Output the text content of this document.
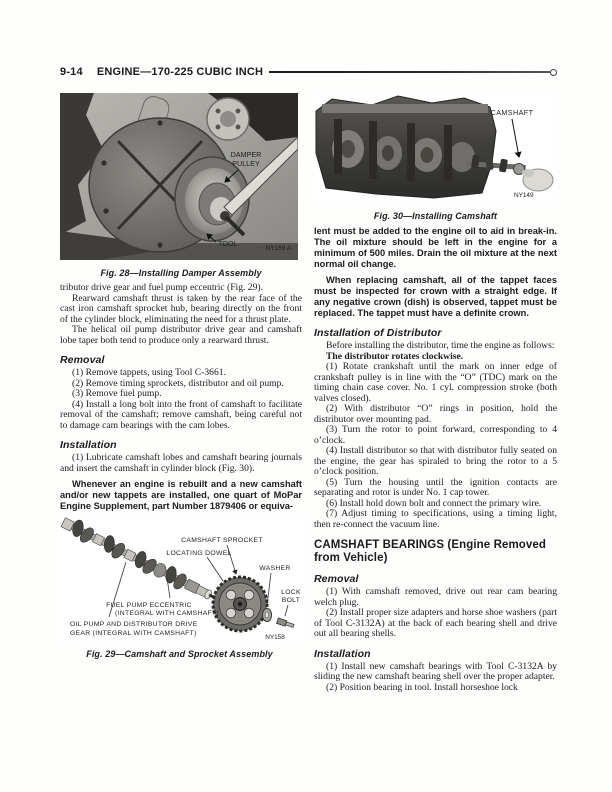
9-14 ENGINE—170-225 CUBIC INCH
DAMPER
PULLEY
TOOL
NY159 A
Fig. 28—Installing Damper Assembly

tributor drive gear and fuel pump eccentric (Fig. 29).

Rearward camshaft thrust is taken by the rear face of the cast iron camshaft sprocket hub, bearing directly on the front of the cylinder block, eliminating the need for a thrust plate.

The helical oil pump distributor drive gear and camshaft lobe taper both tend to produce only a rearward thrust.

Removal

(1) Remove tappets, using Tool C-3661.

(2) Remove timing sprockets, distributor and oil pump.

(3) Remove fuel pump.

(4) Install a long bolt into the front of camshaft to facilitate removal of the camshaft; remove camshaft, being careful not to damage cam bearings with the cam lobes.

Installation

(1) Lubricate camshaft lobes and camshaft bearing journals and insert the camshaft in cylinder block (Fig. 30).

Whenever an engine is rebuilt and a new camshaft and/or new tappets are installed, one quart of MoPar Engine Supplement, part Number 1879406 or equiva-

CAMSHAFT SPROCKET
LOCATING DOWEL
WASHER
LOCK
BOLT
FUEL PUMP ECCENTRIC
(INTEGRAL WITH CAMSHAFT)
OIL PUMP AND DISTRIBUTOR DRIVE
GEAR (INTEGRAL WITH CAMSHAFT)
NY158
Fig. 29—Camshaft and Sprocket Assembly
CAMSHAFT
NY149
Fig. 30—Installing Camshaft

lent must be added to the engine oil to aid in break-in. The oil mixture should be left in the engine for a minimum of 500 miles. Drain the oil mixture at the next normal oil change.

When replacing camshaft, all of the tappet faces must be inspected for crown with a straight edge. If any negative crown (dish) is observed, tappet must be replaced. The tappet must have a definite crown.

Installation of Distributor

Before installing the distributor, time the engine as follows:

The distributor rotates clockwise.

(1) Rotate crankshaft until the mark on inner edge of crankshaft pulley is in line with the “O” (TDC) mark on the timing chain case cover. No. 1 cyl. compression stroke (both valves closed).

(2) With distributor “O” rings in position, hold the distributor over mounting pad.

(3) Turn the rotor to point forward, corresponding to 4 o’clock.

(4) Install distributor so that with distributor fully seated on the engine, the gear has spiraled to bring the rotor to a 5 o’clock position.

(5) Turn the housing until the ignition contacts are separating and rotor is under No. 1 cap tower.

(6) Install hold down bolt and connect the primary wire.

(7) Adjust timing to specifications, using a timing light, then re-connect the vacuum line.

CAMSHAFT BEARINGS (Engine Removed from Vehicle)
Removal

(1) With camshaft removed, drive out rear cam bearing welch plug.

(2) Install proper size adapters and horse shoe washers (part of Tool C-3132A) at the back of each bearing shell and drive out all bearing shells.

Installation

(1) Install new camshaft bearings with Tool C-3132A by sliding the new camshaft bearing shell over the proper adapter.

(2) Position bearing in tool. Install horseshoe lock
